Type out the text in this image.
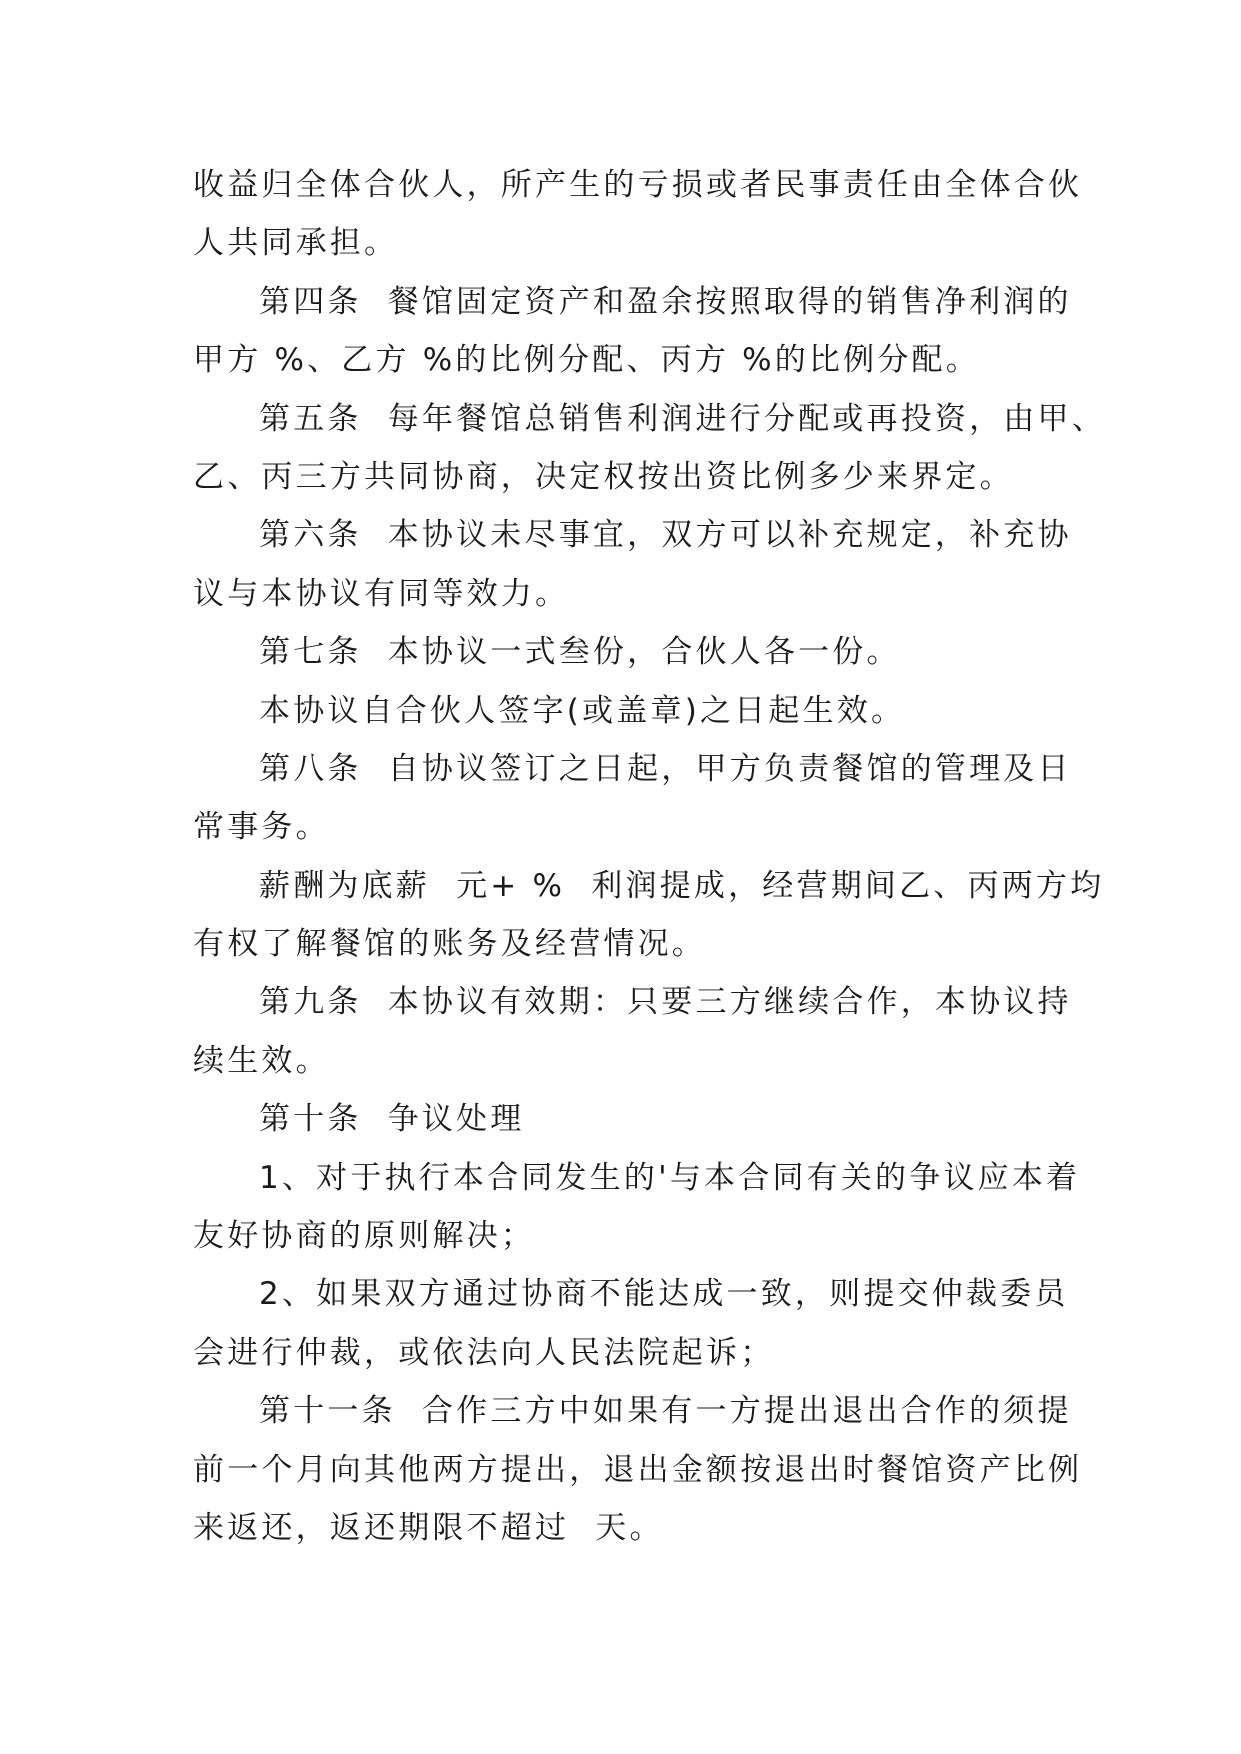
收益归全体合伙人，所产生的亏损或者民事责任由全体合伙
人共同承担。
第四条  餐馆固定资产和盈余按照取得的销售净利润的
甲方 %、乙方 %的比例分配、丙方 %的比例分配。
第五条  每年餐馆总销售利润进行分配或再投资，由甲、
乙、丙三方共同协商，决定权按出资比例多少来界定。
第六条  本协议未尽事宜，双方可以补充规定，补充协
议与本协议有同等效力。
第七条  本协议一式叁份，合伙人各一份。
本协议自合伙人签字(或盖章)之日起生效。
第八条  自协议签订之日起，甲方负责餐馆的管理及日
常事务。
薪酬为底薪  元+ %  利润提成，经营期间乙、丙两方均
有权了解餐馆的账务及经营情况。
第九条  本协议有效期：只要三方继续合作，本协议持
续生效。
第十条  争议处理
1、对于执行本合同发生的'与本合同有关的争议应本着
友好协商的原则解决；
2、如果双方通过协商不能达成一致，则提交仲裁委员
会进行仲裁，或依法向人民法院起诉；
第十一条  合作三方中如果有一方提出退出合作的须提
前一个月向其他两方提出，退出金额按退出时餐馆资产比例
来返还，返还期限不超过  天。
